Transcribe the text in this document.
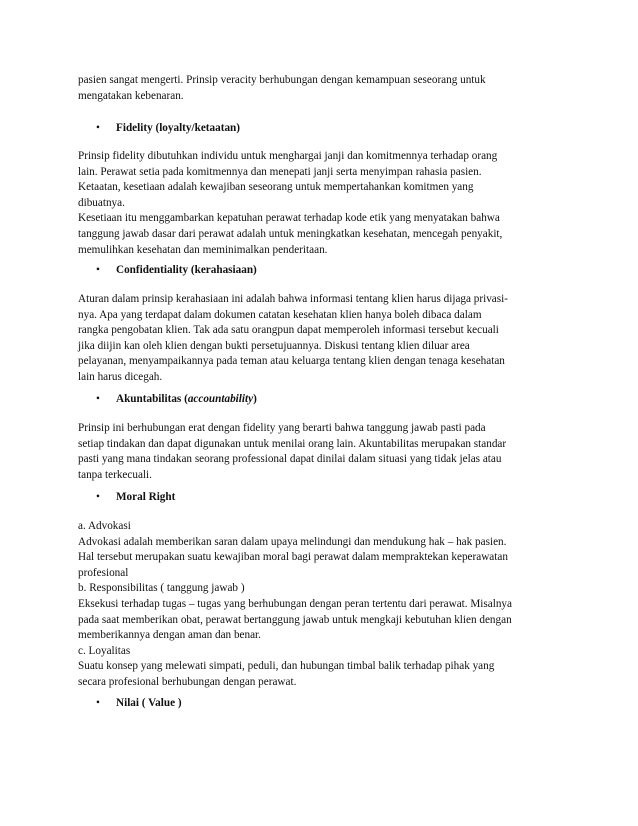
pasien sangat mengerti. Prinsip veracity berhubungan dengan kemampuan seseorang untuk

mengatakan kebenaran.

•	Fidelity (loyalty/ketaatan)

Prinsip fidelity dibutuhkan individu untuk menghargai janji dan komitmennya terhadap orang

lain. Perawat setia pada komitmennya dan menepati janji serta menyimpan rahasia pasien.

Ketaatan, kesetiaan adalah kewajiban seseorang untuk mempertahankan komitmen yang

dibuatnya.

Kesetiaan itu menggambarkan kepatuhan perawat terhadap kode etik yang menyatakan bahwa

tanggung jawab dasar dari perawat adalah untuk meningkatkan kesehatan, mencegah penyakit,

memulihkan kesehatan dan meminimalkan penderitaan.

•	Confidentiality (kerahasiaan)

Aturan dalam prinsip kerahasiaan ini adalah bahwa informasi tentang klien harus dijaga privasi-

nya. Apa yang terdapat dalam dokumen catatan kesehatan klien hanya boleh dibaca dalam

rangka pengobatan klien. Tak ada satu orangpun dapat memperoleh informasi tersebut kecuali

jika diijin kan oleh klien dengan bukti persetujuannya. Diskusi tentang klien diluar area

pelayanan, menyampaikannya pada teman atau keluarga tentang klien dengan tenaga kesehatan

lain harus dicegah.

•	Akuntabilitas (accountability)

Prinsip ini berhubungan erat dengan fidelity yang berarti bahwa tanggung jawab pasti pada

setiap tindakan dan dapat digunakan untuk menilai orang lain. Akuntabilitas merupakan standar

pasti yang mana tindakan seorang professional dapat dinilai dalam situasi yang tidak jelas atau

tanpa terkecuali.

•	Moral Right

a. Advokasi

Advokasi adalah memberikan saran dalam upaya melindungi dan mendukung hak – hak pasien.

Hal tersebut merupakan suatu kewajiban moral bagi perawat dalam mempraktekan keperawatan

profesional

b. Responsibilitas ( tanggung jawab )

Eksekusi terhadap tugas – tugas yang berhubungan dengan peran tertentu dari perawat. Misalnya

pada saat memberikan obat, perawat bertanggung jawab untuk mengkaji kebutuhan klien dengan

memberikannya dengan aman dan benar.

c. Loyalitas

Suatu konsep yang melewati simpati, peduli, dan hubungan timbal balik terhadap pihak yang

secara profesional berhubungan dengan perawat.

•	Nilai ( Value )
